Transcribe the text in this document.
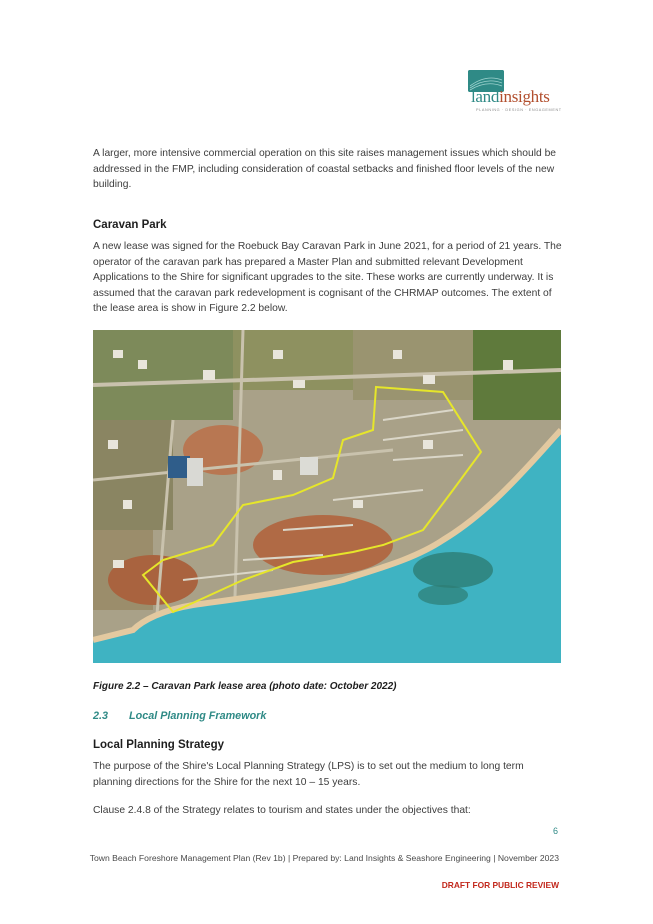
landinsights
PLANNING · DESIGN · ENGAGEMENT

A larger, more intensive commercial operation on this site raises management issues which should be addressed in the FMP, including consideration of coastal setbacks and finished floor levels of the new building.

Caravan Park

A new lease was signed for the Roebuck Bay Caravan Park in June 2021, for a period of 21 years. The operator of the caravan park has prepared a Master Plan and submitted relevant Development Applications to the Shire for significant upgrades to the site. These works are currently underway. It is assumed that the caravan park redevelopment is cognisant of the CHRMAP outcomes. The extent of the lease area is show in Figure 2.2 below.

Figure 2.2 – Caravan Park lease area (photo date: October 2022)
2.3 Local Planning Framework
Local Planning Strategy

The purpose of the Shire's Local Planning Strategy (LPS) is to set out the medium to long term planning directions for the Shire for the next 10 – 15 years.

Clause 2.4.8 of the Strategy relates to tourism and states under the objectives that:

6
Town Beach Foreshore Management Plan (Rev 1b) | Prepared by: Land Insights & Seashore Engineering | November 2023
DRAFT FOR PUBLIC REVIEW
